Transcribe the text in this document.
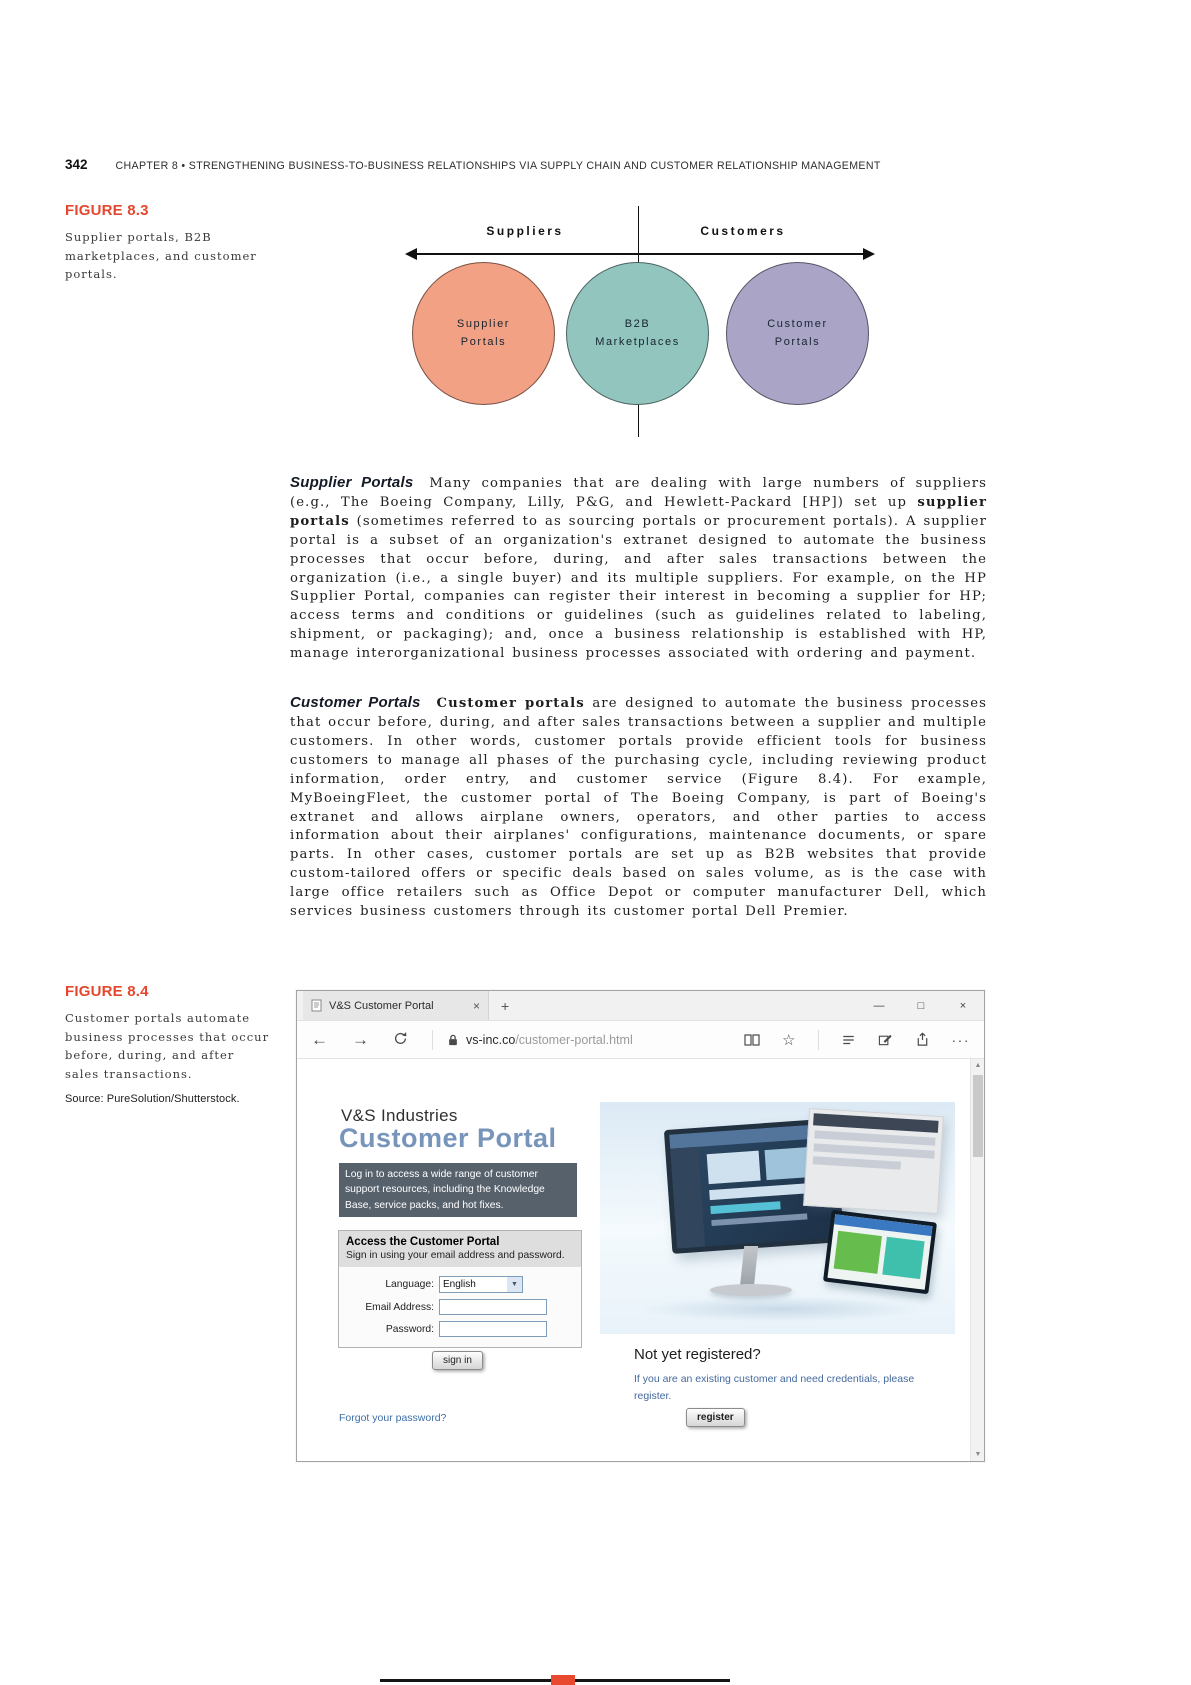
342	CHAPTER 8 • STRENGTHENING BUSINESS-TO-BUSINESS RELATIONSHIPS VIA SUPPLY CHAIN AND CUSTOMER RELATIONSHIP MANAGEMENT
FIGURE 8.3
Supplier portals, B2B marketplaces, and customer portals.
Suppliers	Customers
Supplier
Portals
B2B
Marketplaces
Customer
Portals

Supplier Portals Many companies that are dealing with large numbers of suppliers (e.g., The Boeing Company, Lilly, P&G, and Hewlett-Packard [HP]) set up supplier portals (sometimes referred to as sourcing portals or procurement portals). A supplier portal is a subset of an organization's extranet designed to automate the business processes that occur before, during, and after sales transactions between the organization (i.e., a single buyer) and its multiple suppliers. For example, on the HP Supplier Portal, companies can register their interest in becoming a supplier for HP; access terms and conditions or guidelines (such as guidelines related to labeling, shipment, or packaging); and, once a business relationship is established with HP, manage interorganizational business processes associated with ordering and payment.

Customer Portals Customer portals are designed to automate the business processes that occur before, during, and after sales transactions between a supplier and multiple customers. In other words, customer portals provide efficient tools for business customers to manage all phases of the purchasing cycle, including reviewing product information, order entry, and customer service (Figure 8.4). For example, MyBoeingFleet, the customer portal of The Boeing Company, is part of Boeing's extranet and allows airplane owners, operators, and other parties to access information about their airplanes' configurations, maintenance documents, or spare parts. In other cases, customer portals are set up as B2B websites that provide custom-tailored offers or specific deals based on sales volume, as is the case with large office retailers such as Office Depot or computer manufacturer Dell, which services business customers through its customer portal Dell Premier.

FIGURE 8.4
Customer portals automate business processes that occur before, during, and after sales transactions.
Source: PureSolution/Shutterstock.
V&S Customer Portal	×	+	—	□	×
← →	vs-inc.co /customer-portal.html	☆	···
V&S Industries
Customer Portal
Log in to access a wide range of customer support resources, including the Knowledge Base, service packs, and hot fixes.
Access the Customer Portal
Sign in using your email address and password.
Language: English	▼
Email Address:
Password:
sign in
Forgot your password?
Not yet registered?
If you are an existing customer and need credentials, please register.
register
▲
▼
